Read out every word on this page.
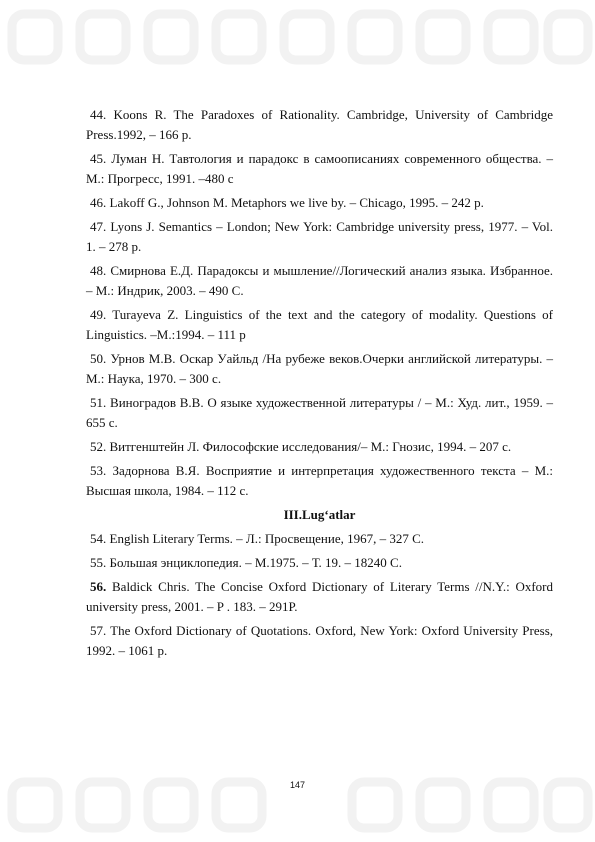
44. Koons R. The Paradoxes of Rationality. Cambridge, University of Cambridge Press.1992, – 166 p.

45. Луман Н. Тавтология и парадокс в самоописаниях современного общества. – М.: Прогресс, 1991. –480 c

46. Lakoff G., Johnson M. Metaphors we live by. – Chicago, 1995. – 242 p.

47. Lyons J. Semantics – London; New York: Cambridge university press, 1977. – Vol. 1. – 278 p.

48. Смирнова Е.Д. Парадоксы и мышление//Логический анализ языка. Избранное. – М.: Индрик, 2003. – 490 С.

49. Turayeva Z. Linguistics of the text and the category of modality. Questions of Linguistics. –M.:1994. – 111 p

50. Урнов М.В. Оскар Уайльд /На рубеже веков.Очерки английской литературы. – М.: Наука, 1970. – 300 с.

51. Виноградов В.В. О языке художественной литературы / – М.: Худ. лит., 1959. – 655 с.

52. Витгенштейн Л. Философские исследования/– М.: Гнозис, 1994. – 207 с.

53. Задорнова В.Я. Восприятие и интерпретация художественного текста – М.: Высшая школа, 1984. – 112 с.

III.Lug‘atlar

54. English Literary Terms. – Л.: Просвещение, 1967, – 327 С.

55. Большая энциклопедия. – М.1975. – Т. 19. – 18240 С.

56. Baldick Chris. The Concise Oxford Dictionary of Literary Terms //N.Y.: Oxford university press, 2001. – P . 183. – 291P.

57. The Oxford Dictionary of Quotations. Oxford, New York: Oxford University Press, 1992. – 1061 p.

147
